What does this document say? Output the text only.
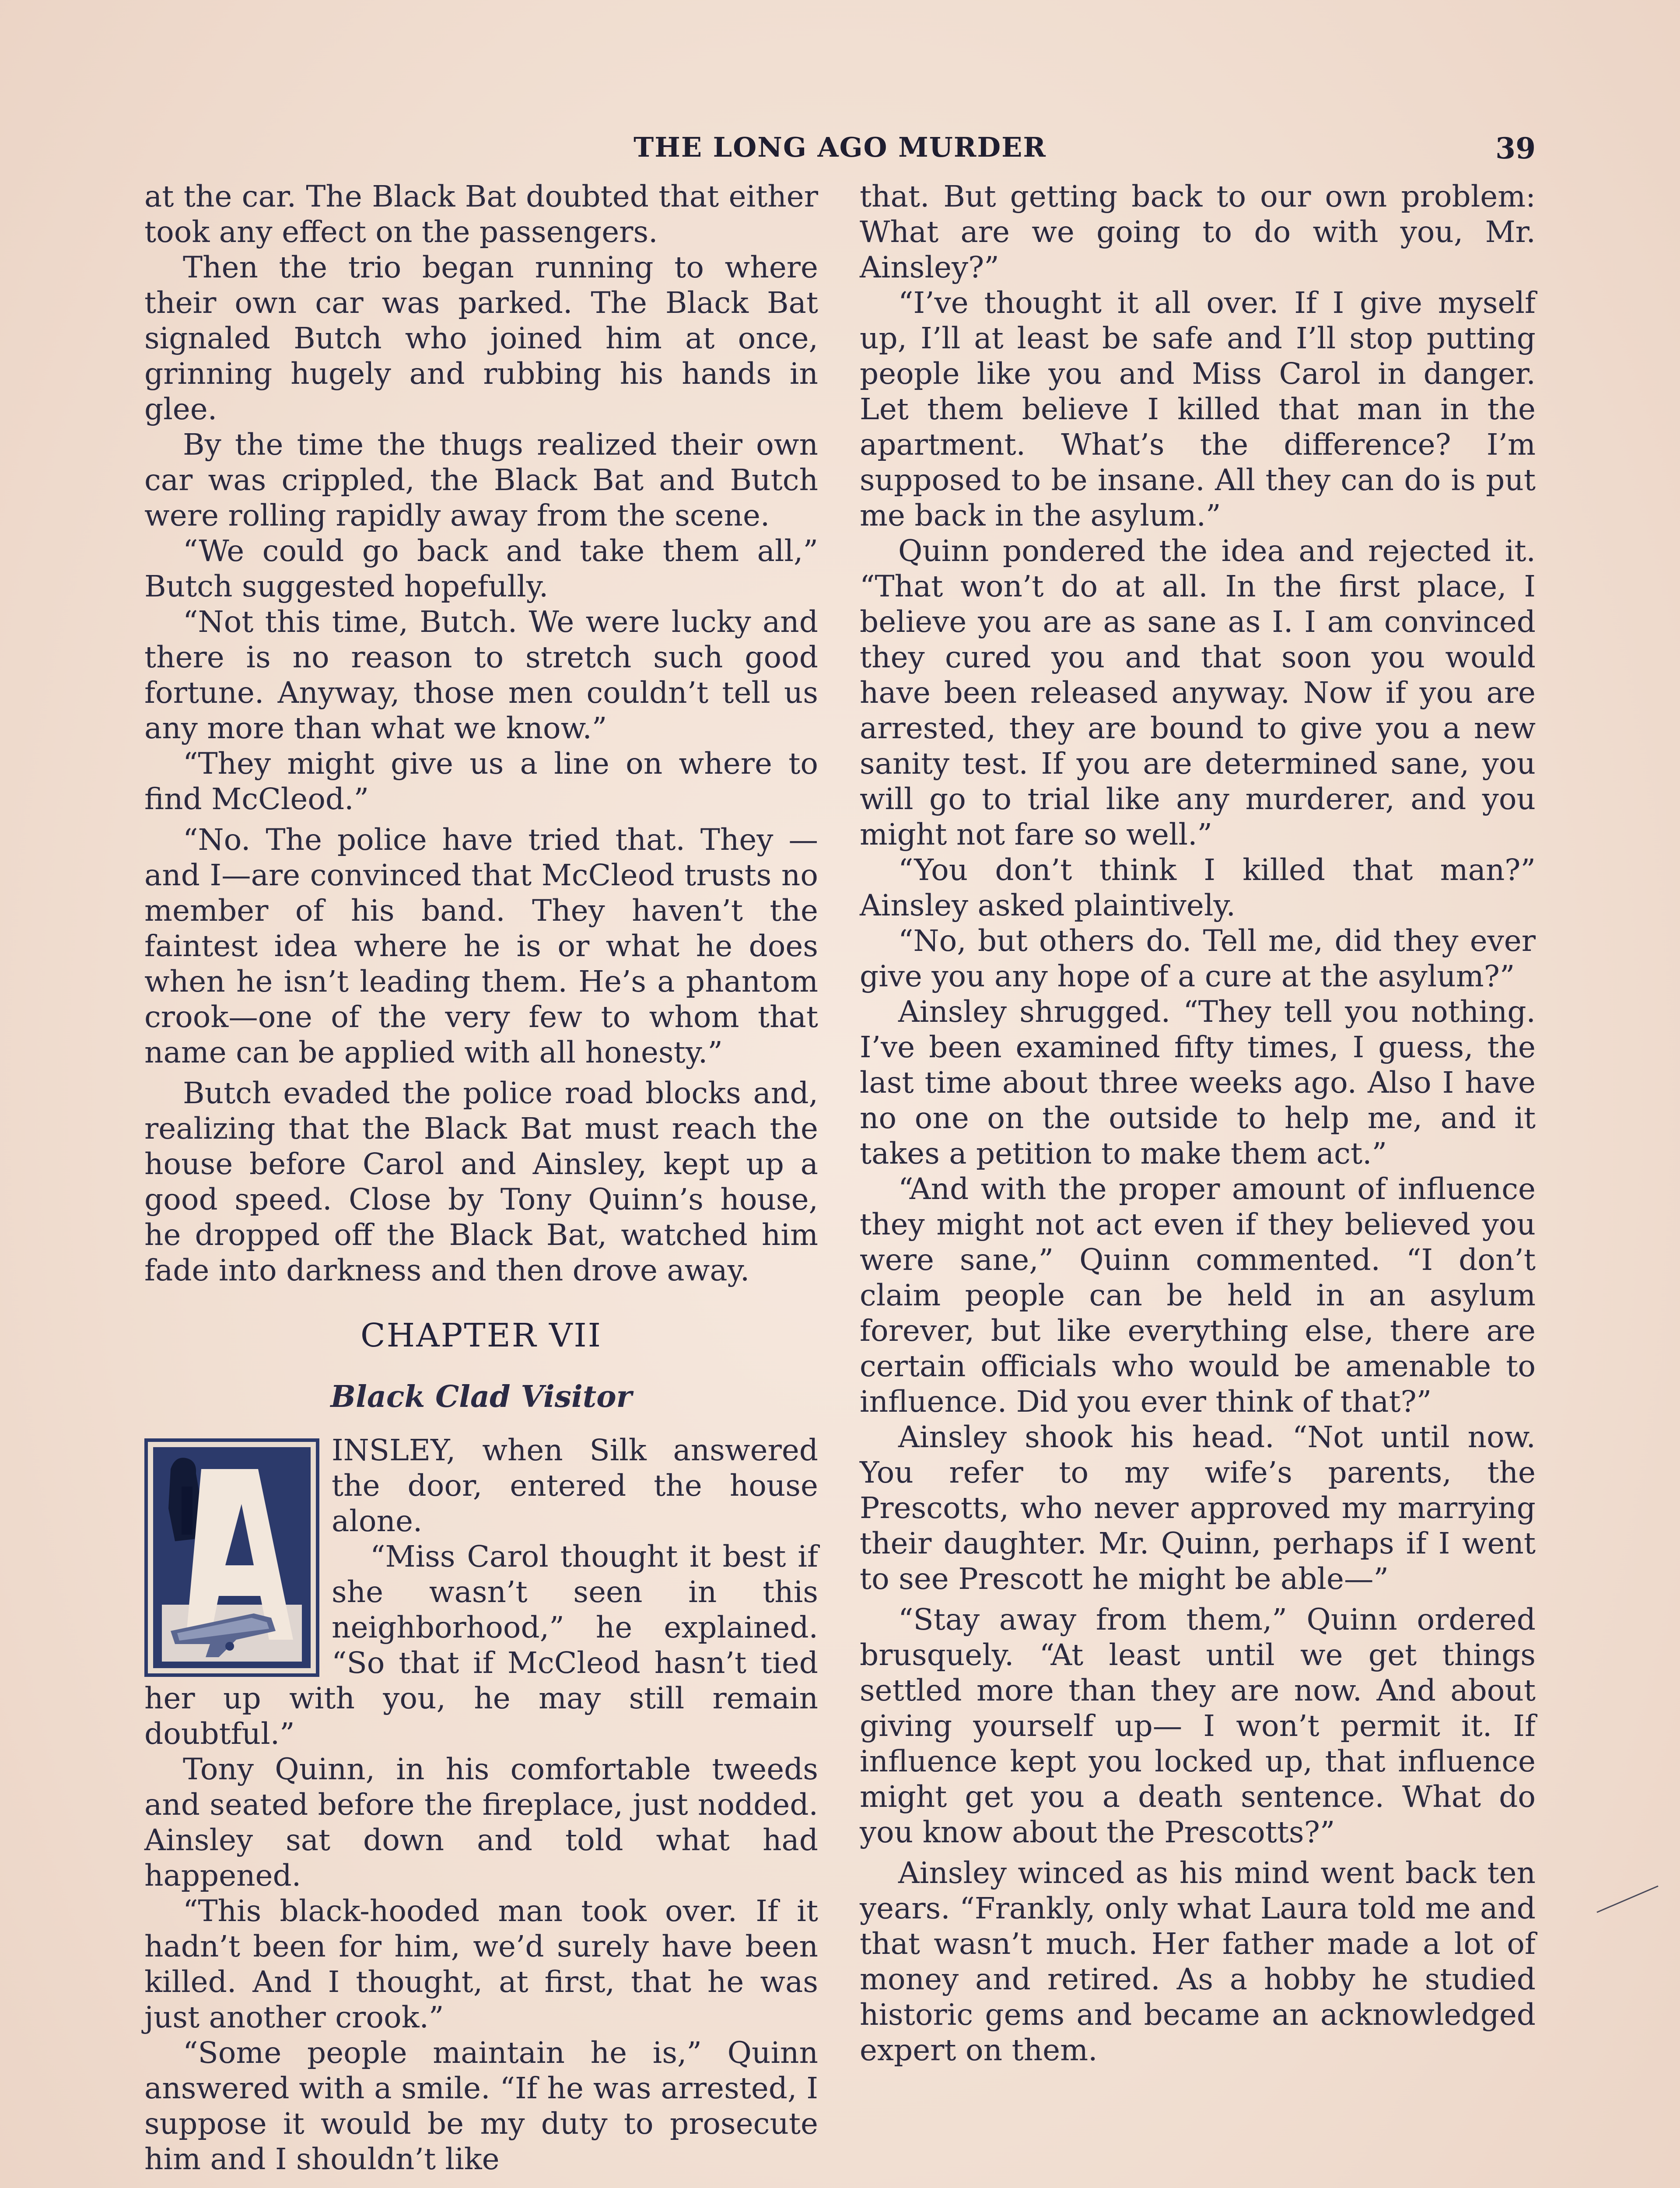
THE LONG AGO MURDER	39

at the car. The Black Bat doubted that either took any effect on the passengers.

Then the trio began running to where their own car was parked. The Black Bat signaled Butch who joined him at once, grinning hugely and rubbing his hands in glee.

By the time the thugs realized their own car was crippled, the Black Bat and Butch were rolling rapidly away from the scene.

“We could go back and take them all,” Butch suggested hopefully.

“Not this time, Butch. We were lucky and there is no reason to stretch such good fortune. Anyway, those men couldn’t tell us any more than what we know.”

“They might give us a line on where to find McCleod.”

“No. The police have tried that. They —and I—are convinced that McCleod trusts no member of his band. They haven’t the faintest idea where he is or what he does when he isn’t leading them. He’s a phantom crook—one of the very few to whom that name can be applied with all honesty.”

Butch evaded the police road blocks and, realizing that the Black Bat must reach the house before Carol and Ainsley, kept up a good speed. Close by Tony Quinn’s house, he dropped off the Black Bat, watched him fade into darkness and then drove away.

CHAPTER VII
Black Clad Visitor

INSLEY, when Silk answered the door, entered the house alone.

“Miss Carol thought it best if she wasn’t seen in this neighborhood,” he explained. “So that if McCleod hasn’t tied her up with you, he may still remain doubtful.”

Tony Quinn, in his comfortable tweeds and seated before the fireplace, just nodded. Ainsley sat down and told what had happened.

“This black-hooded man took over. If it hadn’t been for him, we’d surely have been killed. And I thought, at first, that he was just another crook.”

“Some people maintain he is,” Quinn answered with a smile. “If he was arrested, I suppose it would be my duty to prosecute him and I shouldn’t like

that. But getting back to our own problem: What are we going to do with you, Mr. Ainsley?”

“I’ve thought it all over. If I give myself up, I’ll at least be safe and I’ll stop putting people like you and Miss Carol in danger. Let them believe I killed that man in the apartment. What’s the difference? I’m supposed to be insane. All they can do is put me back in the asylum.”

Quinn pondered the idea and rejected it. “That won’t do at all. In the first place, I believe you are as sane as I. I am convinced they cured you and that soon you would have been released anyway. Now if you are arrested, they are bound to give you a new sanity test. If you are determined sane, you will go to trial like any murderer, and you might not fare so well.”

“You don’t think I killed that man?” Ainsley asked plaintively.

“No, but others do. Tell me, did they ever give you any hope of a cure at the asylum?”

Ainsley shrugged. “They tell you nothing. I’ve been examined fifty times, I guess, the last time about three weeks ago. Also I have no one on the outside to help me, and it takes a petition to make them act.”

“And with the proper amount of influence they might not act even if they believed you were sane,” Quinn commented. “I don’t claim people can be held in an asylum forever, but like everything else, there are certain officials who would be amenable to influence. Did you ever think of that?”

Ainsley shook his head. “Not until now. You refer to my wife’s parents, the Prescotts, who never approved my marrying their daughter. Mr. Quinn, perhaps if I went to see Prescott he might be able—”

“Stay away from them,” Quinn ordered brusquely. “At least until we get things settled more than they are now. And about giving yourself up— I won’t permit it. If influence kept you locked up, that influence might get you a death sentence. What do you know about the Prescotts?”

Ainsley winced as his mind went back ten years. “Frankly, only what Laura told me and that wasn’t much. Her father made a lot of money and retired. As a hobby he studied historic gems and became an acknowledged expert on them.
